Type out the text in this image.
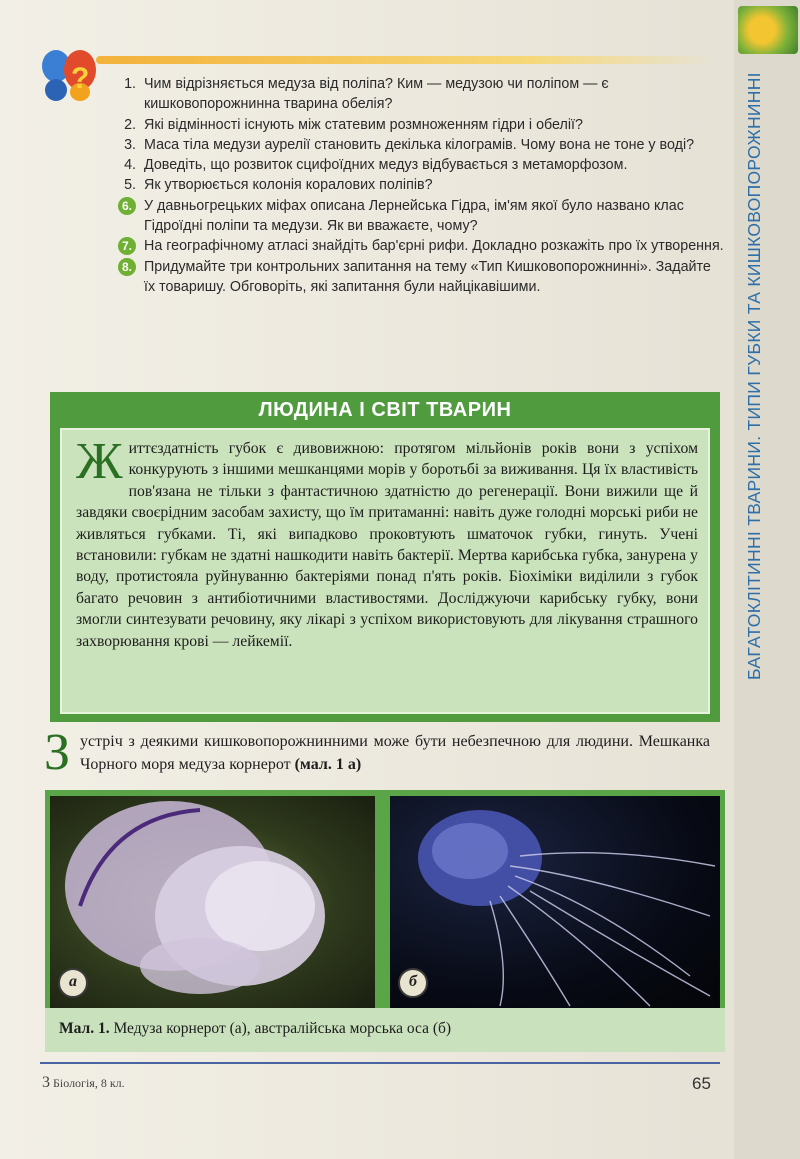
БАГАТОКЛІТИННІ ТВАРИНИ. ТИПИ ГУБКИ ТА КИШКОВОПОРОЖНИННІ
?	1. Чим відрізняється медуза від поліпа? Ким — медузою чи поліпом — є кишковопорожнинна тварина обелія?
2. Які відмінності існують між статевим розмноженням гідри і обелії?
3. Маса тіла медузи аурелії становить декілька кілограмів. Чому вона не тоне у воді?
4. Доведіть, що розвиток сцифоїдних медуз відбувається з метаморфозом.
5. Як утворюється колонія коралових поліпів?
6. У давньогрецьких міфах описана Лернейська Гідра, ім'ям якої було названо клас Гідроїдні поліпи та медузи. Як ви вважаєте, чому?
7. На географічному атласі знайдіть бар'єрні рифи. Докладно розкажіть про їх утворення.
8. Придумайте три контрольних запитання на тему «Тип Кишковопорожнинні». Задайте їх товаришу. Обговоріть, які запитання були найцікавішими.
ЛЮДИНА І СВІТ ТВАРИН
Життєздатність губок є дивовижною: протягом мільйонів років вони з успіхом конкурують з іншими мешканцями морів у боротьбі за виживання. Ця їх властивість пов'язана не тільки з фантастичною здатністю до регенерації. Вони вижили ще й завдяки своєрідним засобам захисту, що їм притаманні: навіть дуже голодні морські риби не живляться губками. Ті, які випадково проковтують шматочок губки, гинуть. Учені встановили: губкам не здатні нашкодити навіть бактерії. Мертва карибська губка, занурена у воду, протистояла руйнуванню бактеріями понад п'ять років. Біохіміки виділили з губок багато речовин з антибіотичними властивостями. Досліджуючи карибську губку, вони змогли синтезувати речовину, яку лікарі з успіхом використовують для лікування страшного захворювання крові — лейкемії.
Зустріч з деякими кишковопорожнинними може бути небезпечною для людини. Мешканка Чорного моря медуза корнерот (мал. 1 а)
а	б
Мал. 1. Медуза корнерот (а), австралійська морська оса (б)
3 Біологія, 8 кл.	65
